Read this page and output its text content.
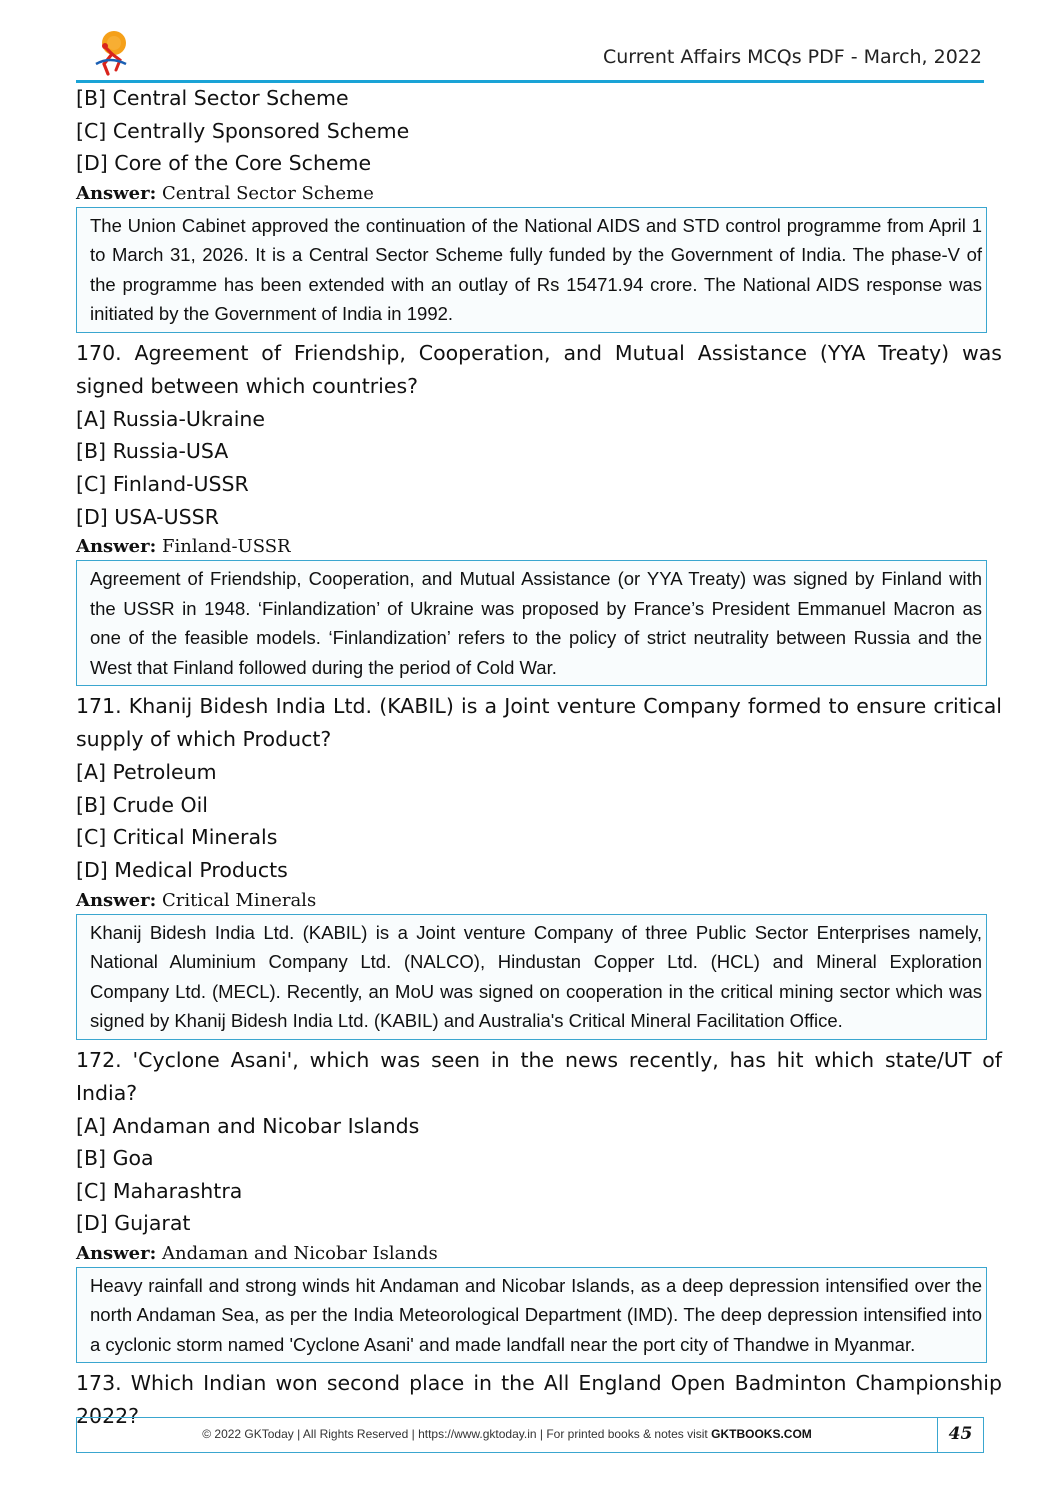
Current Affairs MCQs PDF - March, 2022
[B] Central Sector Scheme
[C] Centrally Sponsored Scheme
[D] Core of the Core Scheme
Answer: Central Sector Scheme
The Union Cabinet approved the continuation of the National AIDS and STD control programme from April 1 to March 31, 2026. It is a Central Sector Scheme fully funded by the Government of India. The phase-V of the programme has been extended with an outlay of Rs 15471.94 crore. The National AIDS response was initiated by the Government of India in 1992.
170. Agreement of Friendship, Cooperation, and Mutual Assistance (YYA Treaty) was signed between which countries?
[A] Russia-Ukraine
[B] Russia-USA
[C] Finland-USSR
[D] USA-USSR
Answer: Finland-USSR
Agreement of Friendship, Cooperation, and Mutual Assistance (or YYA Treaty) was signed by Finland with the USSR in 1948. ‘Finlandization’ of Ukraine was proposed by France’s President Emmanuel Macron as one of the feasible models. ‘Finlandization’ refers to the policy of strict neutrality between Russia and the West that Finland followed during the period of Cold War.
171. Khanij Bidesh India Ltd. (KABIL) is a Joint venture Company formed to ensure critical supply of which Product?
[A] Petroleum
[B] Crude Oil
[C] Critical Minerals
[D] Medical Products
Answer: Critical Minerals
Khanij Bidesh India Ltd. (KABIL) is a Joint venture Company of three Public Sector Enterprises namely, National Aluminium Company Ltd. (NALCO), Hindustan Copper Ltd. (HCL) and Mineral Exploration Company Ltd. (MECL). Recently, an MoU was signed on cooperation in the critical mining sector which was signed by Khanij Bidesh India Ltd. (KABIL) and Australia's Critical Mineral Facilitation Office.
172. 'Cyclone Asani', which was seen in the news recently, has hit which state/UT of India?
[A] Andaman and Nicobar Islands
[B] Goa
[C] Maharashtra
[D] Gujarat
Answer: Andaman and Nicobar Islands
Heavy rainfall and strong winds hit Andaman and Nicobar Islands, as a deep depression intensified over the north Andaman Sea, as per the India Meteorological Department (IMD). The deep depression intensified into a cyclonic storm named 'Cyclone Asani' and made landfall near the port city of Thandwe in Myanmar.
173. Which Indian won second place in the All England Open Badminton Championship 2022?
© 2022 GKToday | All Rights Reserved | https://www.gktoday.in | For printed books & notes visit GKTBOOKS.COM	45
